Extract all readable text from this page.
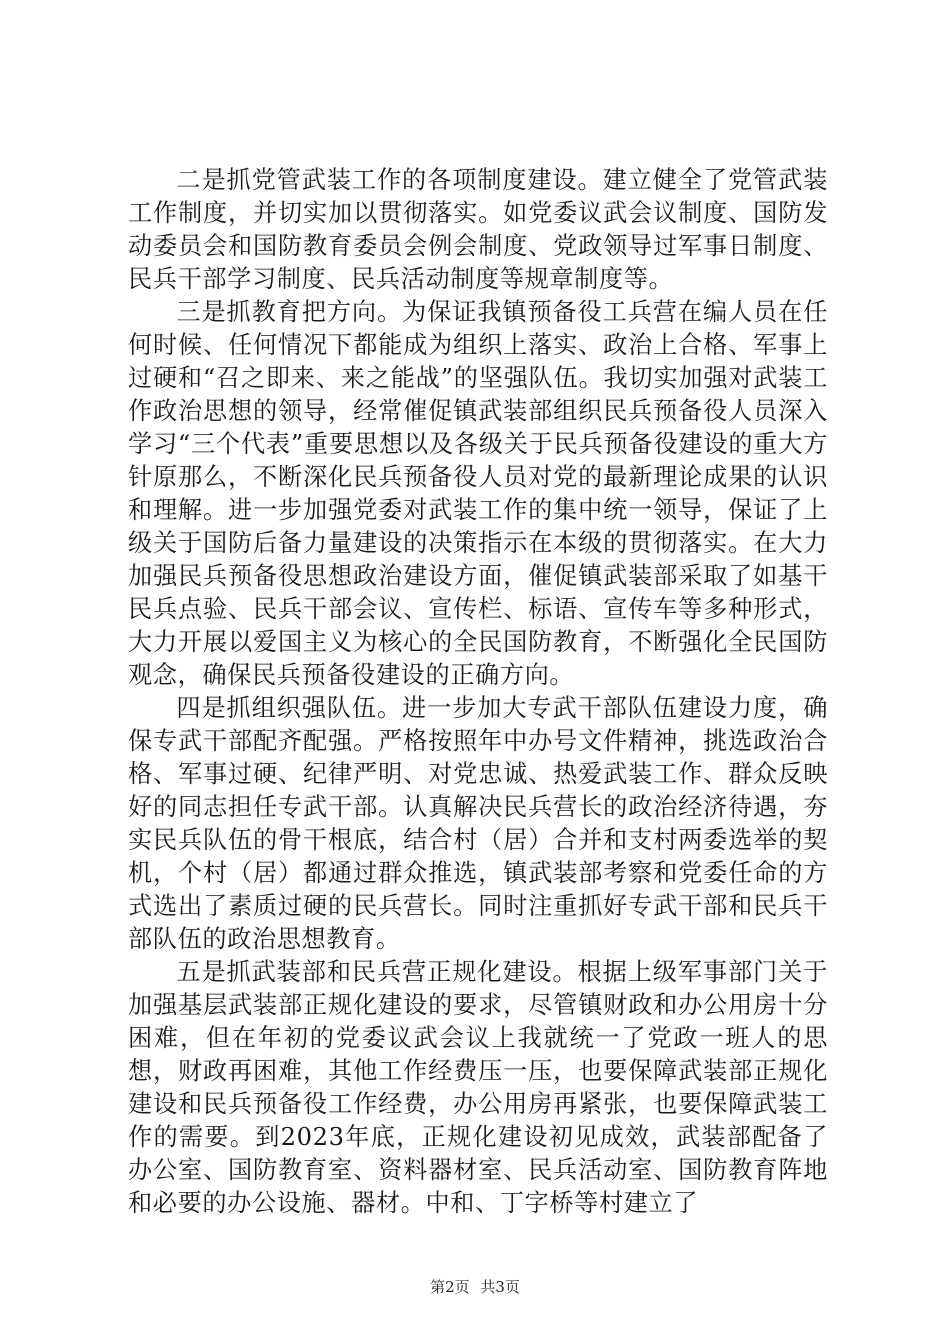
二是抓党管武装工作的各项制度建设。建立健全了党管武装工作制度，并切实加以贯彻落实。如党委议武会议制度、国防发动委员会和国防教育委员会例会制度、党政领导过军事日制度、民兵干部学习制度、民兵活动制度等规章制度等。

三是抓教育把方向。为保证我镇预备役工兵营在编人员在任何时候、任何情况下都能成为组织上落实、政治上合格、军事上过硬和“召之即来、来之能战”的坚强队伍。我切实加强对武装工作政治思想的领导，经常催促镇武装部组织民兵预备役人员深入学习“三个代表”重要思想以及各级关于民兵预备役建设的重大方针原那么，不断深化民兵预备役人员对党的最新理论成果的认识和理解。进一步加强党委对武装工作的集中统一领导，保证了上级关于国防后备力量建设的决策指示在本级的贯彻落实。在大力加强民兵预备役思想政治建设方面，催促镇武装部采取了如基干民兵点验、民兵干部会议、宣传栏、标语、宣传车等多种形式，大力开展以爱国主义为核心的全民国防教育，不断强化全民国防观念，确保民兵预备役建设的正确方向。

四是抓组织强队伍。进一步加大专武干部队伍建设力度，确保专武干部配齐配强。严格按照年中办号文件精神，挑选政治合格、军事过硬、纪律严明、对党忠诚、热爱武装工作、群众反映好的同志担任专武干部。认真解决民兵营长的政治经济待遇，夯实民兵队伍的骨干根底，结合村（居）合并和支村两委选举的契机，个村（居）都通过群众推选，镇武装部考察和党委任命的方式选出了素质过硬的民兵营长。同时注重抓好专武干部和民兵干部队伍的政治思想教育。

五是抓武装部和民兵营正规化建设。根据上级军事部门关于加强基层武装部正规化建设的要求，尽管镇财政和办公用房十分困难，但在年初的党委议武会议上我就统一了党政一班人的思想，财政再困难，其他工作经费压一压，也要保障武装部正规化建设和民兵预备役工作经费，办公用房再紧张，也要保障武装工作的需要。到2023年底，正规化建设初见成效，武装部配备了办公室、国防教育室、资料器材室、民兵活动室、国防教育阵地和必要的办公设施、器材。中和、丁字桥等村建立了

第2页 共3页
